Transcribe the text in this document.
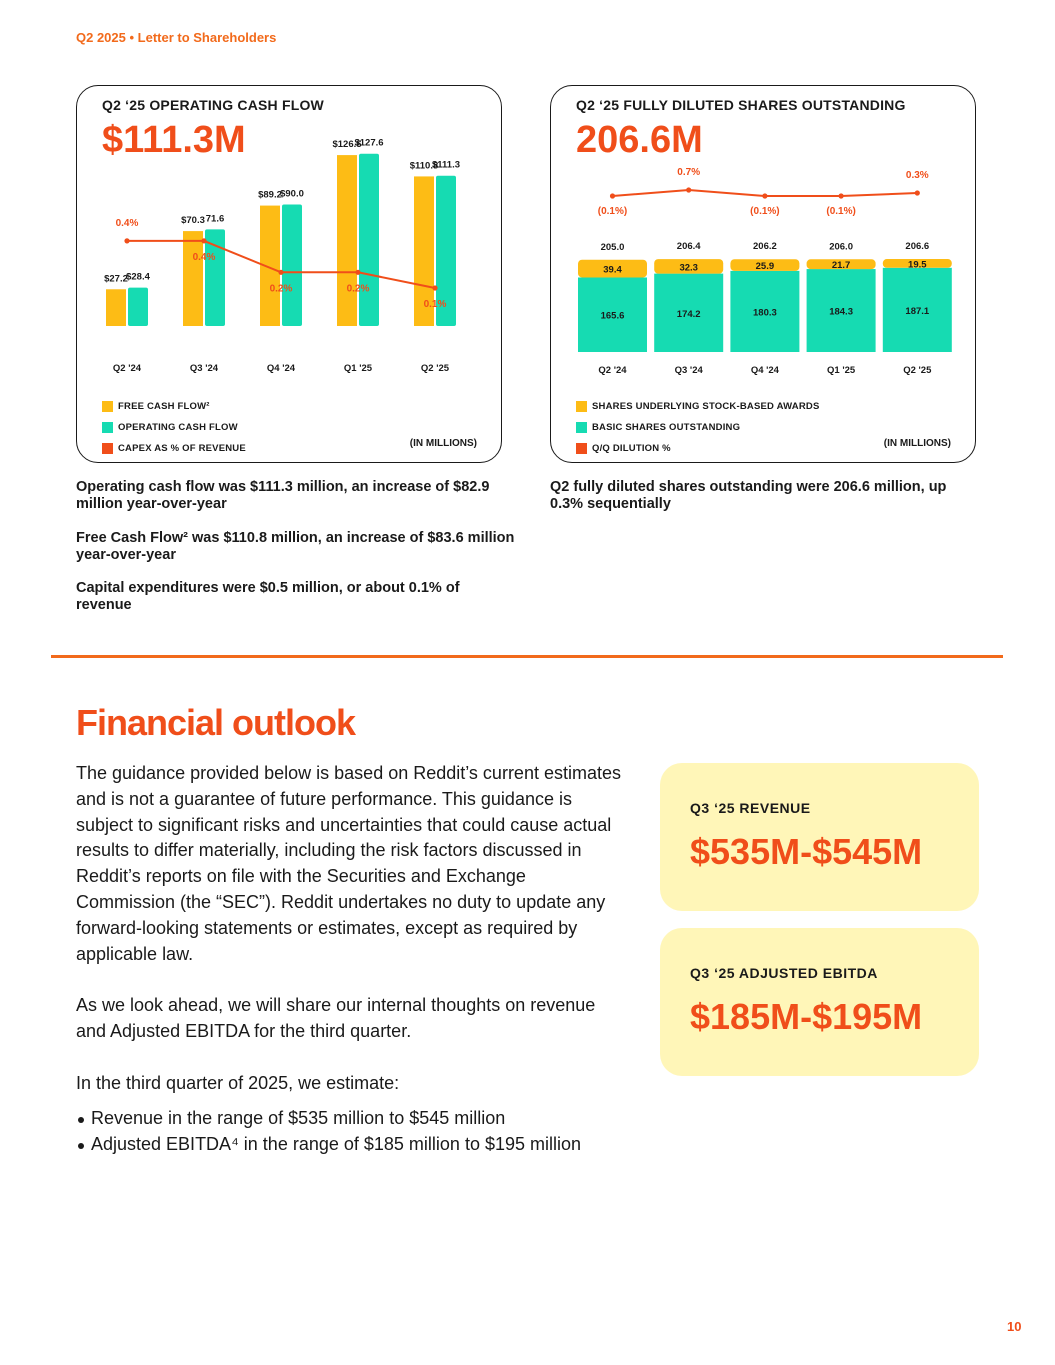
Q2 2025 • Letter to Shareholders
Q2 ‘25 OPERATING CASH FLOW
$111.3M
$27.2
$28.4
Q2 '24
$70.3 71.6
Q3 '24
$89.2
$90.0
Q4 '24
$126.6
$127.6
Q1 '25
$110.8
$111.3
Q2 '25
0.4%
0.4%
0.2%	0.2%
0.1%
FREE CASH FLOW²
OPERATING CASH FLOW
CAPEX AS % OF REVENUE	(IN MILLIONS)
Q2 ‘25 FULLY DILUTED SHARES OUTSTANDING
206.6M
165.6
39.4
205.0
Q2 '24
174.2
32.3
206.4
Q3 '24
180.3
25.9
206.2
Q4 '24
184.3
21.7
206.0
Q1 '25
187.1
19.5
206.6
Q2 '25
(0.1%)
0.7%
(0.1%)	(0.1%)
0.3%
SHARES UNDERLYING STOCK-BASED AWARDS
BASIC SHARES OUTSTANDING
Q/Q DILUTION %	(IN MILLIONS)
Operating cash flow was $111.3 million, an increase of $82.9 million year-over-year
Free Cash Flow² was $110.8 million, an increase of $83.6 million year-over-year
Capital expenditures were $0.5 million, or about 0.1% of revenue
Q2 fully diluted shares outstanding were 206.6 million, up 0.3% sequentially
Financial outlook

The guidance provided below is based on Reddit’s current estimates and is not a guarantee of future performance. This guidance is subject to significant risks and uncertainties that could cause actual results to differ materially, including the risk factors discussed in Reddit’s reports on file with the Securities and Exchange Commission (the “SEC”). Reddit undertakes no duty to update any forward-looking statements or estimates, except as required by applicable law.

As we look ahead, we will share our internal thoughts on revenue and Adjusted EBITDA for the third quarter.

In the third quarter of 2025, we estimate:

Revenue in the range of $535 million to $545 million
Adjusted EBITDA⁴ in the range of $185 million to $195 million
Q3 ‘25 REVENUE
$535M-$545M
Q3 ‘25 ADJUSTED EBITDA
$185M-$195M
10
